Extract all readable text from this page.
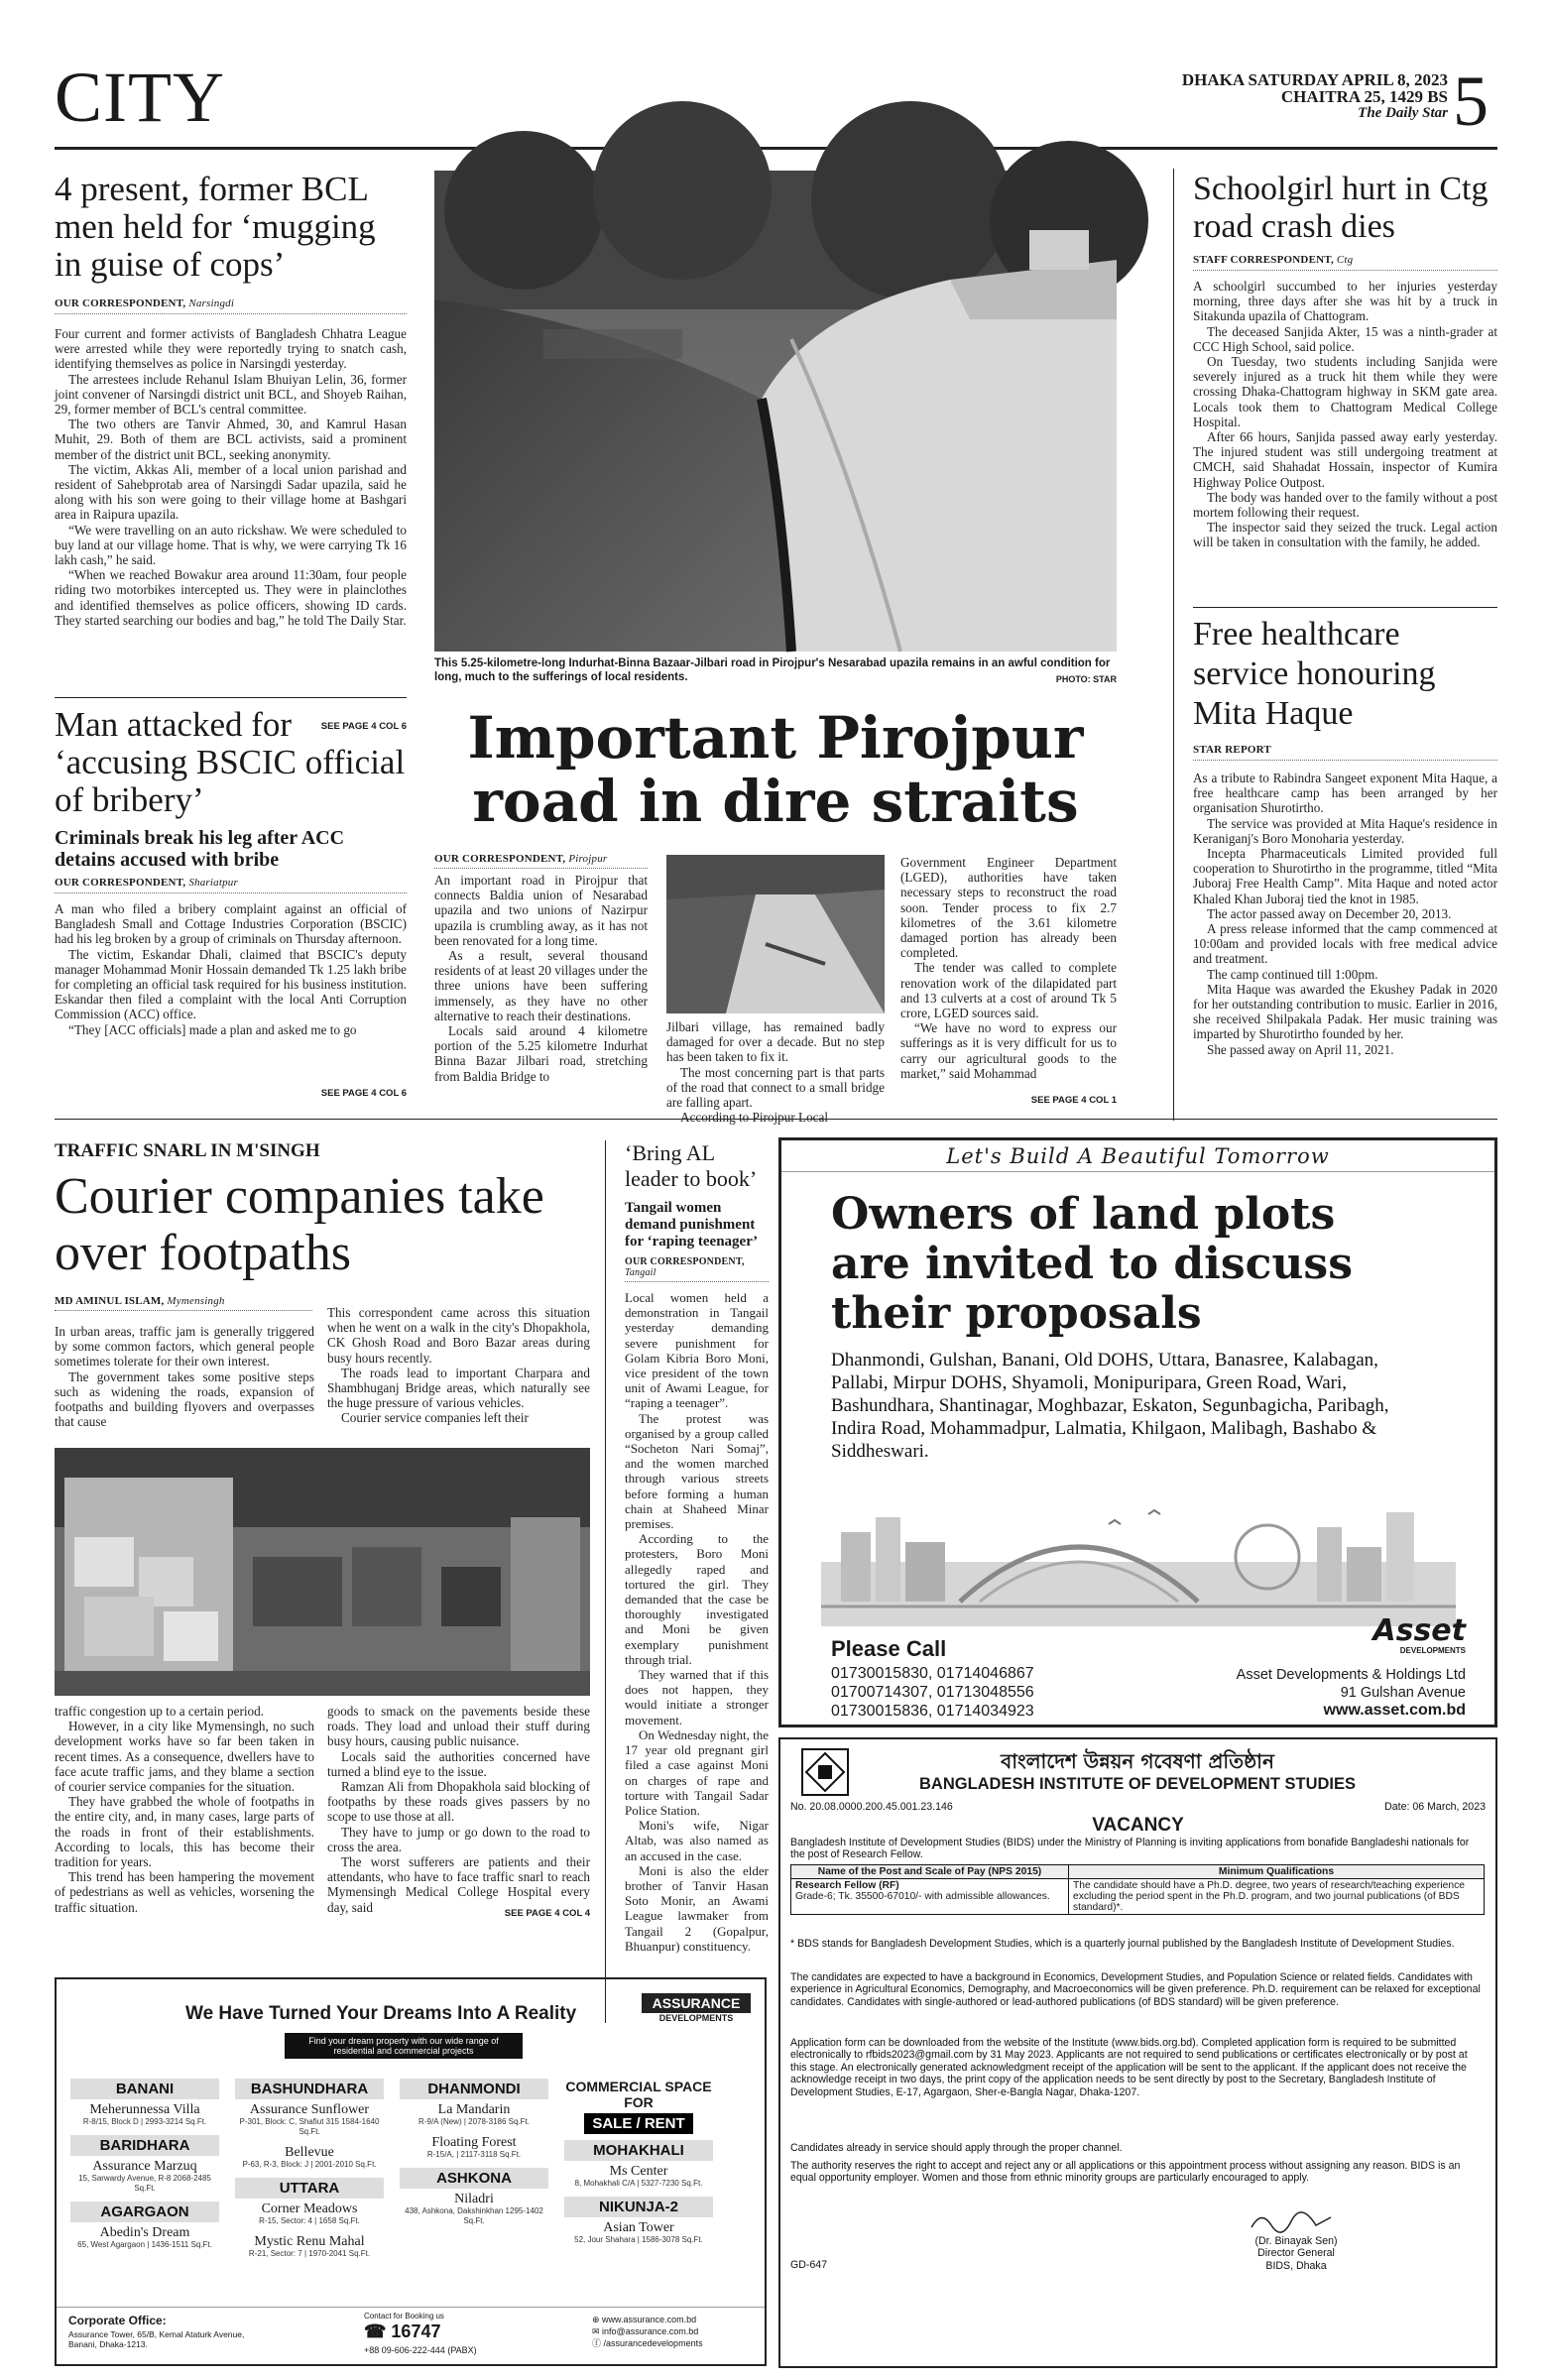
CITY	DHAKA SATURDAY APRIL 8, 2023
CHAITRA 25, 1429 BS
The Daily Star 5
4 present, former BCL men held for ‘mugging in guise of cops’
OUR CORRESPONDENT, Narsingdi

Four current and former activists of Bangladesh Chhatra League were arrested while they were reportedly trying to snatch cash, identifying themselves as police in Narsingdi yesterday.

The arrestees include Rehanul Islam Bhuiyan Lelin, 36, former joint convener of Narsingdi district unit BCL, and Shoyeb Raihan, 29, former member of BCL's central committee.

The two others are Tanvir Ahmed, 30, and Kamrul Hasan Muhit, 29. Both of them are BCL activists, said a prominent member of the district unit BCL, seeking anonymity.

The victim, Akkas Ali, member of a local union parishad and resident of Sahebprotab area of Narsingdi Sadar upazila, said he along with his son were going to their village home at Bashgari area in Raipura upazila.

“We were travelling on an auto rickshaw. We were scheduled to buy land at our village home. That is why, we were carrying Tk 16 lakh cash,” he said.

“When we reached Bowakur area around 11:30am, four people riding two motorbikes intercepted us. They were in plainclothes and identified themselves as police officers, showing ID cards. They started searching our bodies and bag,” he told The Daily Star.

SEE PAGE 4 COL 6
This 5.25-kilometre-long Indurhat-Binna Bazaar-Jilbari road in Pirojpur's Nesarabad upazila remains in an awful condition for long, much to the sufferings of local residents.	PHOTO: STAR
Schoolgirl hurt in Ctg road crash dies
STAFF CORRESPONDENT, Ctg

A schoolgirl succumbed to her injuries yesterday morning, three days after she was hit by a truck in Sitakunda upazila of Chattogram.

The deceased Sanjida Akter, 15 was a ninth-grader at CCC High School, said police.

On Tuesday, two students including Sanjida were severely injured as a truck hit them while they were crossing Dhaka-Chattogram highway in SKM gate area. Locals took them to Chattogram Medical College Hospital.

After 66 hours, Sanjida passed away early yesterday. The injured student was still undergoing treatment at CMCH, said Shahadat Hossain, inspector of Kumira Highway Police Outpost.

The body was handed over to the family without a post mortem following their request.

The inspector said they seized the truck. Legal action will be taken in consultation with the family, he added.

Free healthcare service honouring Mita Haque
STAR REPORT

As a tribute to Rabindra Sangeet exponent Mita Haque, a free healthcare camp has been arranged by her organisation Shurotirtho.

The service was provided at Mita Haque's residence in Keraniganj's Boro Monoharia yesterday.

Incepta Pharmaceuticals Limited provided full cooperation to Shurotirtho in the programme, titled “Mita Juboraj Free Health Camp”. Mita Haque and noted actor Khaled Khan Juboraj tied the knot in 1985.

The actor passed away on December 20, 2013.

A press release informed that the camp commenced at 10:00am and provided locals with free medical advice and treatment.

The camp continued till 1:00pm.

Mita Haque was awarded the Ekushey Padak in 2020 for her outstanding contribution to music. Earlier in 2016, she received Shilpakala Padak. Her music training was imparted by Shurotirtho founded by her.

She passed away on April 11, 2021.

Man attacked for ‘accusing BSCIC official of bribery’
Criminals break his leg after ACC detains accused with bribe
OUR CORRESPONDENT, Shariatpur

A man who filed a bribery complaint against an official of Bangladesh Small and Cottage Industries Corporation (BSCIC) had his leg broken by a group of criminals on Thursday afternoon.

The victim, Eskandar Dhali, claimed that BSCIC's deputy manager Mohammad Monir Hossain demanded Tk 1.25 lakh bribe for completing an official task required for his business institution. Eskandar then filed a complaint with the local Anti Corruption Commission (ACC) office.

“They [ACC officials] made a plan and asked me to go

SEE PAGE 4 COL 6
Important Pirojpur road in dire straits
OUR CORRESPONDENT, Pirojpur

An important road in Pirojpur that connects Baldia union of Nesarabad upazila and two unions of Nazirpur upazila is crumbling away, as it has not been renovated for a long time.

As a result, several thousand residents of at least 20 villages under the three unions have been suffering immensely, as they have no other alternative to reach their destinations.

Locals said around 4 kilometre portion of the 5.25 kilometre Indurhat Binna Bazar Jilbari road, stretching from Baldia Bridge to

Jilbari village, has remained badly damaged for over a decade. But no step has been taken to fix it.

The most concerning part is that parts of the road that connect to a small bridge are falling apart.

According to Pirojpur Local

Government Engineer Department (LGED), authorities have taken necessary steps to reconstruct the road soon. Tender process to fix 2.7 kilometres of the 3.61 kilometre damaged portion has already been completed.

The tender was called to complete renovation work of the dilapidated part and 13 culverts at a cost of around Tk 5 crore, LGED sources said.

“We have no word to express our sufferings as it is very difficult for us to carry our agricultural goods to the market,” said Mohammad

SEE PAGE 4 COL 1
TRAFFIC SNARL IN M'SINGH
Courier companies take over footpaths
MD AMINUL ISLAM, Mymensingh

In urban areas, traffic jam is generally triggered by some common factors, which general people sometimes tolerate for their own interest.

The government takes some positive steps such as widening the roads, expansion of footpaths and building flyovers and overpasses that cause

This correspondent came across this situation when he went on a walk in the city's Dhopakhola, CK Ghosh Road and Boro Bazar areas during busy hours recently.

The roads lead to important Charpara and Shambhuganj Bridge areas, which naturally see the huge pressure of various vehicles.

Courier service companies left their

traffic congestion up to a certain period.

However, in a city like Mymensingh, no such development works have so far been taken in recent times. As a consequence, dwellers have to face acute traffic jams, and they blame a section of courier service companies for the situation.

They have grabbed the whole of footpaths in the entire city, and, in many cases, large parts of the roads in front of their establishments. According to locals, this has become their tradition for years.

This trend has been hampering the movement of pedestrians as well as vehicles, worsening the traffic situation.

goods to smack on the pavements beside these roads. They load and unload their stuff during busy hours, causing public nuisance.

Locals said the authorities concerned have turned a blind eye to the issue.

Ramzan Ali from Dhopakhola said blocking of footpaths by these roads gives passers by no scope to use those at all.

They have to jump or go down to the road to cross the area.

The worst sufferers are patients and their attendants, who have to face traffic snarl to reach Mymensingh Medical College Hospital every day, said	SEE PAGE 4 COL 4
‘Bring AL leader to book’
Tangail women demand punishment for ‘raping teenager’
OUR CORRESPONDENT, Tangail

Local women held a demonstration in Tangail yesterday demanding severe punishment for Golam Kibria Boro Moni, vice president of the town unit of Awami League, for “raping a teenager”.

The protest was organised by a group called “Socheton Nari Somaj”, and the women marched through various streets before forming a human chain at Shaheed Minar premises.

According to the protesters, Boro Moni allegedly raped and tortured the girl. They demanded that the case be thoroughly investigated and Moni be given exemplary punishment through trial.

They warned that if this does not happen, they would initiate a stronger movement.

On Wednesday night, the 17 year old pregnant girl filed a case against Moni on charges of rape and torture with Tangail Sadar Police Station.

Moni's wife, Nigar Altab, was also named as an accused in the case.

Moni is also the elder brother of Tanvir Hasan Soto Monir, an Awami League lawmaker from Tangail 2 (Gopalpur, Bhuanpur) constituency.

Let's Build A Beautiful Tomorrow
Owners of land plots are invited to discuss their proposals
Dhanmondi, Gulshan, Banani, Old DOHS, Uttara, Banasree, Kalabagan, Pallabi, Mirpur DOHS, Shyamoli, Monipuripara, Green Road, Wari, Bashundhara, Shantinagar, Moghbazar, Eskaton, Segunbagicha, Paribagh, Indira Road, Mohammadpur, Lalmatia, Khilgaon, Malibagh, Bashabo & Siddheswari.
Please Call
01730015830, 01714046867
01700714307, 01713048556
01730015836, 01714034923
Asset
DEVELOPMENTS
Asset Developments & Holdings Ltd
91 Gulshan Avenue
www.asset.com.bd
বাংলাদেশ উন্নয়ন গবেষণা প্রতিষ্ঠান
BANGLADESH INSTITUTE OF DEVELOPMENT STUDIES
No. 20.08.0000.200.45.001.23.146	Date: 06 March, 2023
VACANCY
Bangladesh Institute of Development Studies (BIDS) under the Ministry of Planning is inviting applications from bonafide Bangladeshi nationals for the post of Research Fellow.
Name of the Post and Scale of Pay (NPS 2015)	Minimum Qualifications

Research Fellow (RF)
Grade-6; Tk. 35500-67010/- with admissible allowances.	The candidate should have a Ph.D. degree, two years of research/teaching experience excluding the period spent in the Ph.D. program, and two journal publications (of BDS standard)*.
* BDS stands for Bangladesh Development Studies, which is a quarterly journal published by the Bangladesh Institute of Development Studies.
The candidates are expected to have a background in Economics, Development Studies, and Population Science or related fields. Candidates with experience in Agricultural Economics, Demography, and Macroeconomics will be given preference. Ph.D. requirement can be relaxed for exceptional candidates. Candidates with single-authored or lead-authored publications (of BDS standard) will be given preference.
Application form can be downloaded from the website of the Institute (www.bids.org.bd). Completed application form is required to be submitted electronically to rfbids2023@gmail.com by 31 May 2023. Applicants are not required to send publications or certificates electronically or by post at this stage. An electronically generated acknowledgment receipt of the application will be sent to the applicant. If the applicant does not receive the acknowledge receipt in two days, the print copy of the application needs to be sent directly by post to the Secretary, Bangladesh Institute of Development Studies, E-17, Agargaon, Sher-e-Bangla Nagar, Dhaka-1207.
Candidates already in service should apply through the proper channel.
The authority reserves the right to accept and reject any or all applications or this appointment process without assigning any reason. BIDS is an equal opportunity employer. Women and those from ethnic minority groups are particularly encouraged to apply.
(Dr. Binayak Sen)
Director General
BIDS, Dhaka
GD-647
We Have Turned Your Dreams Into A Reality	ASSURANCE
DEVELOPMENTS
Find your dream property with our wide range of residential and commercial projects
BANANI
Meherunnessa Villa
R-8/15, Block D | 2993-3214 Sq.Ft.
BARIDHARA
Assurance Marzuq
15, Sarwardy Avenue, R-8 2068-2485 Sq.Ft.
AGARGAON
Abedin's Dream
65, West Agargaon | 1436-1511 Sq.Ft.
BASHUNDHARA
Assurance Sunflower
P-301, Block: C, Shafiut 315 1584-1640 Sq.Ft.
Bellevue
P-63, R-3, Block: J | 2001-2010 Sq.Ft.
UTTARA
Corner Meadows
R-15, Sector: 4 | 1658 Sq.Ft.
Mystic Renu Mahal
R-21, Sector: 7 | 1970-2041 Sq.Ft.
DHANMONDI
La Mandarin
R-9/A (New) | 2078-3186 Sq.Ft.
Floating Forest
R-15/A, | 2117-3118 Sq.Ft.
ASHKONA
Niladri
438, Ashkona, Dakshinkhan 1295-1402 Sq.Ft.
COMMERCIAL SPACE FOR
SALE / RENT
MOHAKHALI
Ms Center
8, Mohakhali C/A | 5327-7230 Sq.Ft.
NIKUNJA-2
Asian Tower
52, Jour Shahara | 1586-3078 Sq.Ft.
Corporate Office:
Assurance Tower, 65/B, Kemal Ataturk Avenue, Banani, Dhaka-1213.
Contact for Booking us
☎ 16747
+88 09-606-222-444 (PABX)
⊕ www.assurance.com.bd
✉ info@assurance.com.bd
ⓕ /assurancedevelopments
